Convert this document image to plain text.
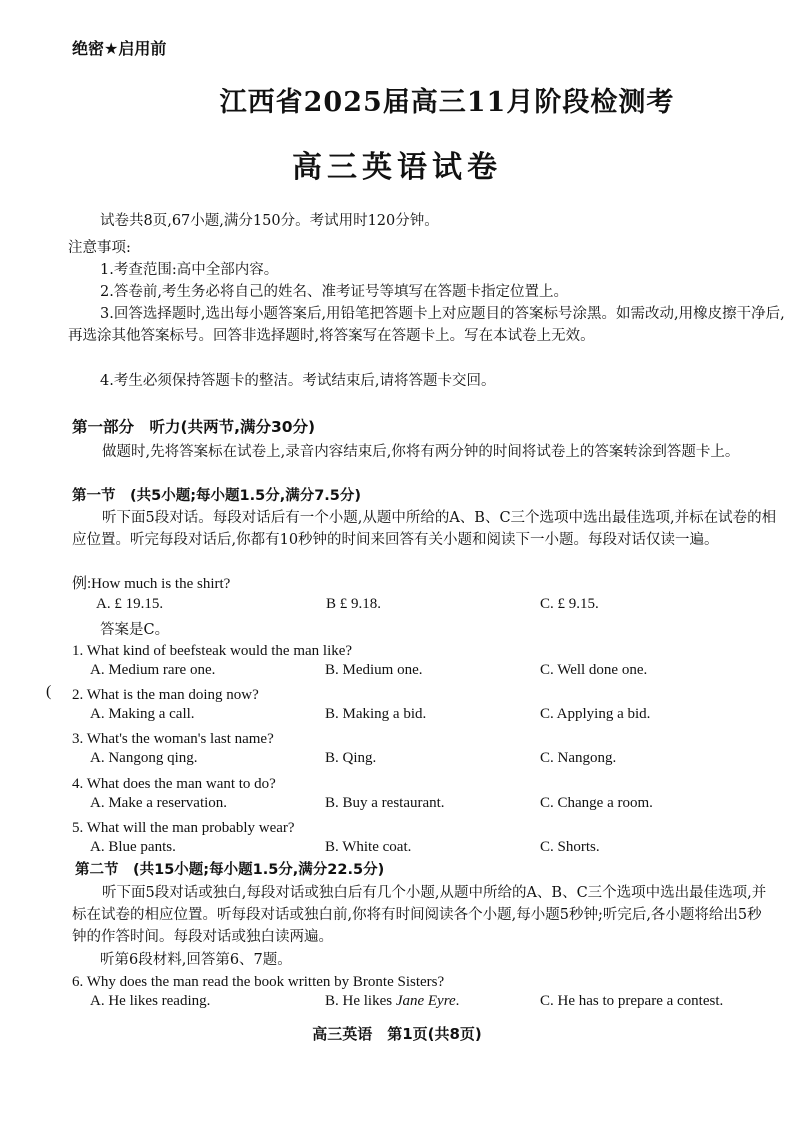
绝密★启用前
江西省2025届高三11月阶段检测考
高三英语试卷
试卷共8页,67小题,满分150分。考试用时120分钟。
注意事项:
1.考查范围:高中全部内容。
2.答卷前,考生务必将自己的姓名、准考证号等填写在答题卡指定位置上。
3.回答选择题时,选出每小题答案后,用铅笔把答题卡上对应题目的答案标号涂黑。如需改动,用橡皮擦干净后,再选涂其他答案标号。回答非选择题时,将答案写在答题卡上。写在本试卷上无效。
4.考生必须保持答题卡的整洁。考试结束后,请将答题卡交回。
第一部分　听力(共两节,满分30分)
做题时,先将答案标在试卷上,录音内容结束后,你将有两分钟的时间将试卷上的答案转涂到答题卡上。
第一节　(共5小题;每小题1.5分,满分7.5分)
听下面5段对话。每段对话后有一个小题,从题中所给的A、B、C三个选项中选出最佳选项,并标在试卷的相应位置。听完每段对话后,你都有10秒钟的时间来回答有关小题和阅读下一小题。每段对话仅读一遍。
例:How much is the shirt?
A. £ 19.15.	B £ 9.18.	C. £ 9.15.
答案是C。
1. What kind of beefsteak would the man like?
A. Medium rare one.	B. Medium one.	C. Well done one.
( 2. What is the man doing now?
A. Making a call.	B. Making a bid.	C. Applying a bid.
3. What's the woman's last name?
A. Nangong qing.	B. Qing.	C. Nangong.
4. What does the man want to do?
A. Make a reservation.	B. Buy a restaurant.	C. Change a room.
5. What will the man probably wear?
A. Blue pants.	B. White coat.	C. Shorts.
第二节　(共15小题;每小题1.5分,满分22.5分)
听下面5段对话或独白,每段对话或独白后有几个小题,从题中所给的A、B、C三个选项中选出最佳选项,并标在试卷的相应位置。听每段对话或独白前,你将有时间阅读各个小题,每小题5秒钟;听完后,各小题将给出5秒钟的作答时间。每段对话或独白读两遍。
听第6段材料,回答第6、7题。
6. Why does the man read the book written by Bronte Sisters?
A. He likes reading.	B. He likes Jane Eyre.	C. He has to prepare a contest.
高三英语　第1页(共8页)
